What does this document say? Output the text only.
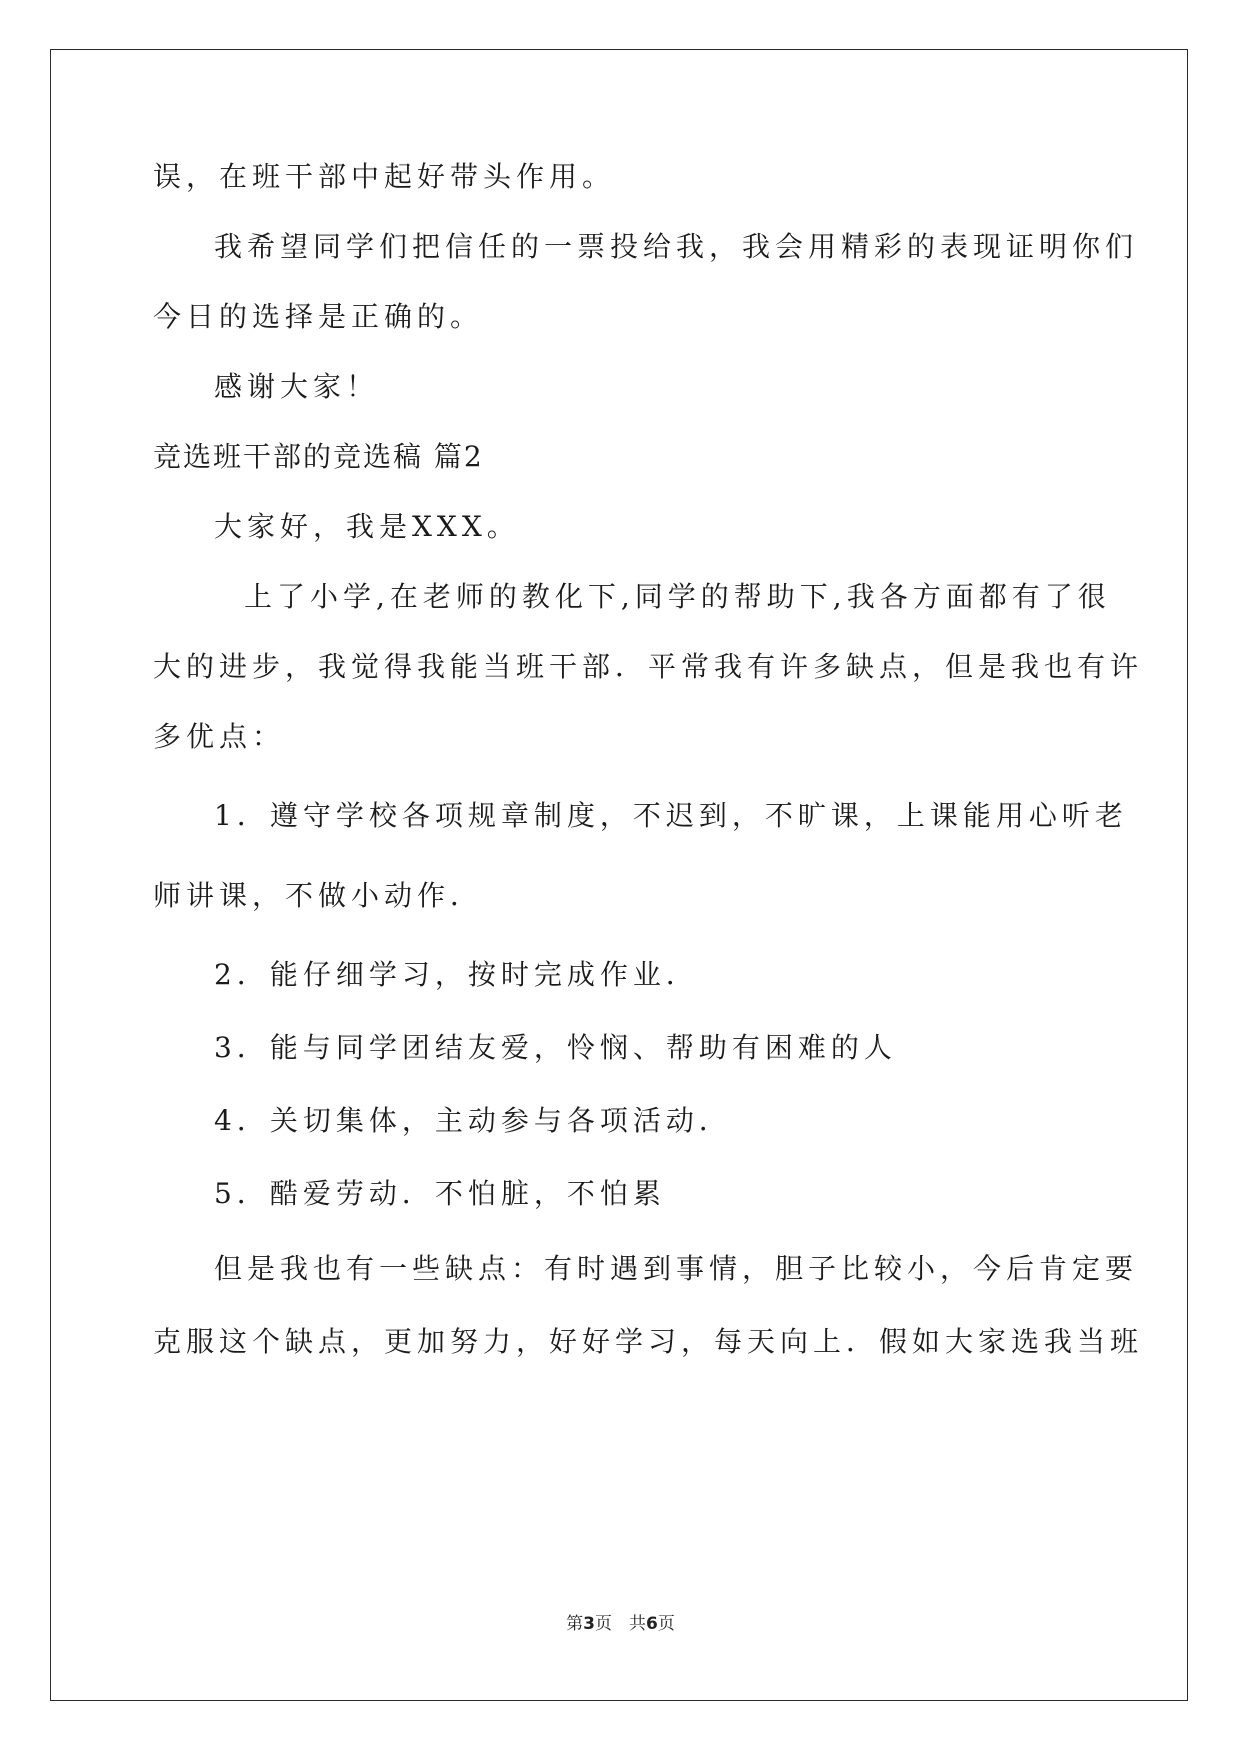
误，在班干部中起好带头作用。
我希望同学们把信任的一票投给我，我会用精彩的表现证明你们
今日的选择是正确的。
感谢大家！
竞选班干部的竞选稿 篇2
大家好，我是XXX。
上了小学,在老师的教化下,同学的帮助下,我各方面都有了很
大的进步，我觉得我能当班干部．平常我有许多缺点，但是我也有许
多优点：
1．遵守学校各项规章制度，不迟到，不旷课，上课能用心听老
师讲课，不做小动作．
2．能仔细学习，按时完成作业．
3．能与同学团结友爱，怜悯、帮助有困难的人
4．关切集体，主动参与各项活动．
5．酷爱劳动．不怕脏，不怕累
但是我也有一些缺点：有时遇到事情，胆子比较小，今后肯定要
克服这个缺点，更加努力，好好学习，每天向上．假如大家选我当班
第3页　共6页
